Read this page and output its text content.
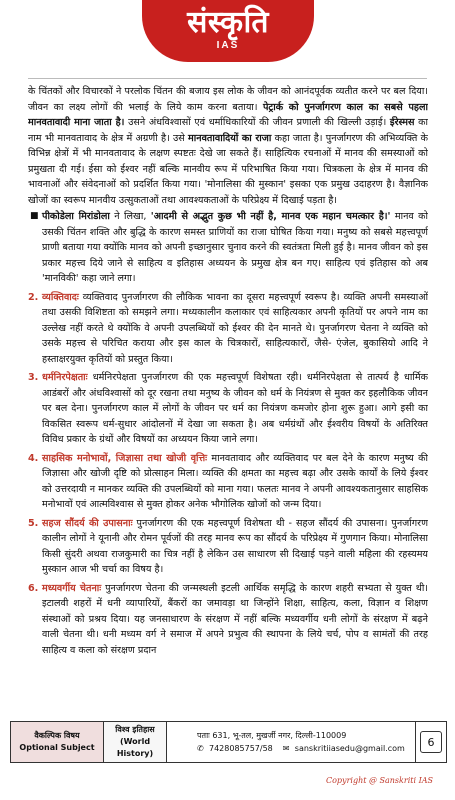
संस्कृति
IAS

के चिंतकों और विचारकों ने परलोक चिंतन की बजाय इस लोक के जीवन को आनंदपूर्वक व्यतीत करने पर बल दिया। जीवन का लक्ष्य लोगों की भलाई के लिये काम करना बताया। पेट्रार्क को पुनर्जागरण काल का सबसे पहला मानवतावादी माना जाता है। उसने अंधविश्वासों एवं धर्माधिकारियों की जीवन प्रणाली की खिल्ली उड़ाई। ईरेस्मस का नाम भी मानवतावाद के क्षेत्र में अग्रणी है। उसे मानवतावादियों का राजा कहा जाता है। पुनर्जागरण की अभिव्यक्ति के विभिन्न क्षेत्रों में भी मानवतावाद के लक्षण स्पष्टतः देखे जा सकते हैं। साहित्यिक रचनाओं में मानव की समस्याओं को प्रमुखता दी गई। ईसा को ईश्वर नहीं बल्कि मानवीय रूप में परिभाषित किया गया। चित्रकला के क्षेत्र में मानव की भावनाओं और संवेदनाओं को प्रदर्शित किया गया। 'मोनालिसा की मुस्कान' इसका एक प्रमुख उदाहरण है। वैज्ञानिक खोजों का स्वरूप मानवीय उत्सुकताओं तथा आवश्यकताओं के परिप्रेक्ष्य में दिखाई पड़ता है।

■ पीकोडेला मिरांडोला ने लिखा, 'आदमी से अद्भुत कुछ भी नहीं है, मानव एक महान चमत्कार है।' मानव को उसकी चिंतन शक्ति और बुद्धि के कारण समस्त प्राणियों का राजा घोषित किया गया। मनुष्य को सबसे महत्त्वपूर्ण प्राणी बताया गया क्योंकि मानव को अपनी इच्छानुसार चुनाव करने की स्वतंत्रता मिली हुई है। मानव जीवन को इस प्रकार महत्त्व दिये जाने से साहित्य व इतिहास अध्ययन के प्रमुख क्षेत्र बन गए। साहित्य एवं इतिहास को अब 'मानविकी' कहा जाने लगा।
2. व्यक्तिवादः व्यक्तिवाद पुनर्जागरण की लौकिक भावना का दूसरा महत्त्वपूर्ण स्वरूप है। व्यक्ति अपनी समस्याओं तथा उसकी विशिष्टता को समझने लगा। मध्यकालीन कलाकार एवं साहित्यकार अपनी कृतियों पर अपने नाम का उल्लेख नहीं करते थे क्योंकि वे अपनी उपलब्धियों को ईश्वर की देन मानते थे। पुनर्जागरण चेतना ने व्यक्ति को उसके महत्त्व से परिचित कराया और इस काल के चित्रकारों, साहित्यकारों, जैसे- एंजेल, बुकासियो आदि ने हस्ताक्षरयुक्त कृतियों को प्रस्तुत किया।
3. धर्मनिरपेक्षताः धर्मनिरपेक्षता पुनर्जागरण की एक महत्त्वपूर्ण विशेषता रही। धर्मनिरपेक्षता से तात्पर्य है धार्मिक आडंबरों और अंधविश्वासों को दूर रखना तथा मनुष्य के जीवन को धर्म के नियंत्रण से मुक्त कर इहलौकिक जीवन पर बल देना। पुनर्जागरण काल में लोगों के जीवन पर धर्म का नियंत्रण कमजोर होना शुरू हुआ। आगे इसी का विकसित स्वरूप धर्म-सुधार आंदोलनों में देखा जा सकता है। अब धर्मग्रंथों और ईश्वरीय विषयों के अतिरिक्त विविध प्रकार के ग्रंथों और विषयों का अध्ययन किया जाने लगा।
4. साहसिक मनोभावों, जिज्ञासा तथा खोजी वृत्तिः मानवतावाद और व्यक्तिवाद पर बल देने के कारण मनुष्य की जिज्ञासा और खोजी दृष्टि को प्रोत्साहन मिला। व्यक्ति की क्षमता का महत्त्व बढ़ा और उसके कार्यों के लिये ईश्वर को उत्तरदायी न मानकर व्यक्ति की उपलब्धियों को माना गया। फलतः मानव ने अपनी आवश्यकतानुसार साहसिक मनोभावों एवं आत्मविश्वास से मुक्त होकर अनेक भौगोलिक खोजों को जन्म दिया।
5. सहज सौंदर्य की उपासनाः पुनर्जागरण की एक महत्त्वपूर्ण विशेषता थी - सहज सौंदर्य की उपासना। पुनर्जागरण कालीन लोगों ने यूनानी और रोमन पूर्वजों की तरह मानव रूप का सौंदर्य के परिप्रेक्ष्य में गुणगान किया। मोनालिसा किसी सुंदरी अथवा राजकुमारी का चित्र नहीं है लेकिन उस साधारण सी दिखाई पड़ने वाली महिला की रहस्यमय मुस्कान आज भी चर्चा का विषय है।
6. मध्यवर्गीय चेतनाः पुनर्जागरण चेतना की जन्मस्थली इटली आर्थिक समृद्धि के कारण शहरी सभ्यता से युक्त थी। इटालवी शहरों में धनी व्यापारियों, बैंकरों का जमावड़ा था जिन्होंने शिक्षा, साहित्य, कला, विज्ञान व शिक्षण संस्थाओं को प्रश्रय दिया। यह जनसाधारण के संरक्षण में नहीं बल्कि मध्यवर्गीय धनी लोगों के संरक्षण में बढ़ने वाली चेतना थी। धनी मध्यम वर्ग ने समाज में अपने प्रभुत्व की स्थापना के लिये चर्च, पोप व सामंतों की तरह साहित्य व कला को संरक्षण प्रदान
वैकल्पिक विषय
Optional Subject
विश्व इतिहास
(World History)
पताः 631, भू-तल, मुखर्जी नगर, दिल्ली-110009
✆ 7428085757/58 ✉ sanskritiiasedu@gmail.com	6
Copyright @ Sanskriti IAS
